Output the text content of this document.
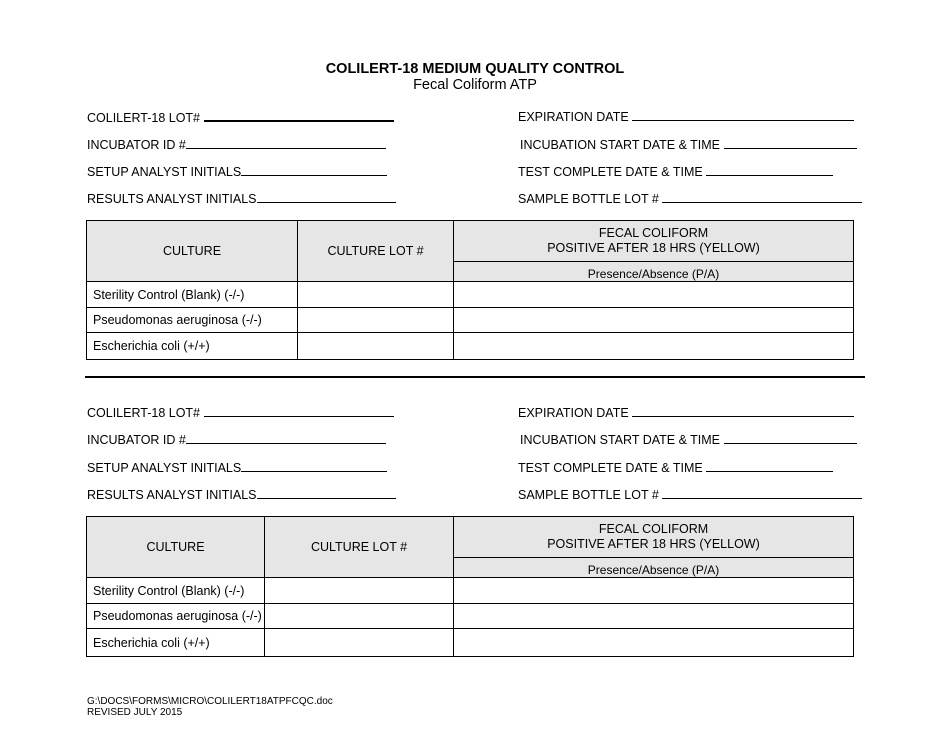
COLILERT-18 MEDIUM QUALITY CONTROL
Fecal Coliform ATP
COLILERT-18 LOT#
INCUBATOR ID #
SETUP ANALYST INITIALS
RESULTS ANALYST INITIALS
EXPIRATION DATE
INCUBATION START DATE & TIME
TEST COMPLETE DATE & TIME
SAMPLE BOTTLE LOT #
CULTURE	CULTURE LOT #	FECAL COLIFORM
POSITIVE AFTER 18 HRS (YELLOW)
		Presence/Absence (P/A)
Sterility Control (Blank) (-/-)		
Pseudomonas aeruginosa (-/-)		
Escherichia coli (+/+)		
COLILERT-18 LOT#
INCUBATOR ID #
SETUP ANALYST INITIALS
RESULTS ANALYST INITIALS
EXPIRATION DATE
INCUBATION START DATE & TIME
TEST COMPLETE DATE & TIME
SAMPLE BOTTLE LOT #
CULTURE	CULTURE LOT #	FECAL COLIFORM
POSITIVE AFTER 18 HRS (YELLOW)
		Presence/Absence (P/A)
Sterility Control (Blank) (-/-)		
Pseudomonas aeruginosa (-/-)		
Escherichia coli (+/+)		
G:\DOCS\FORMS\MICRO\COLILERT18ATPFCQC.doc
REVISED JULY 2015
